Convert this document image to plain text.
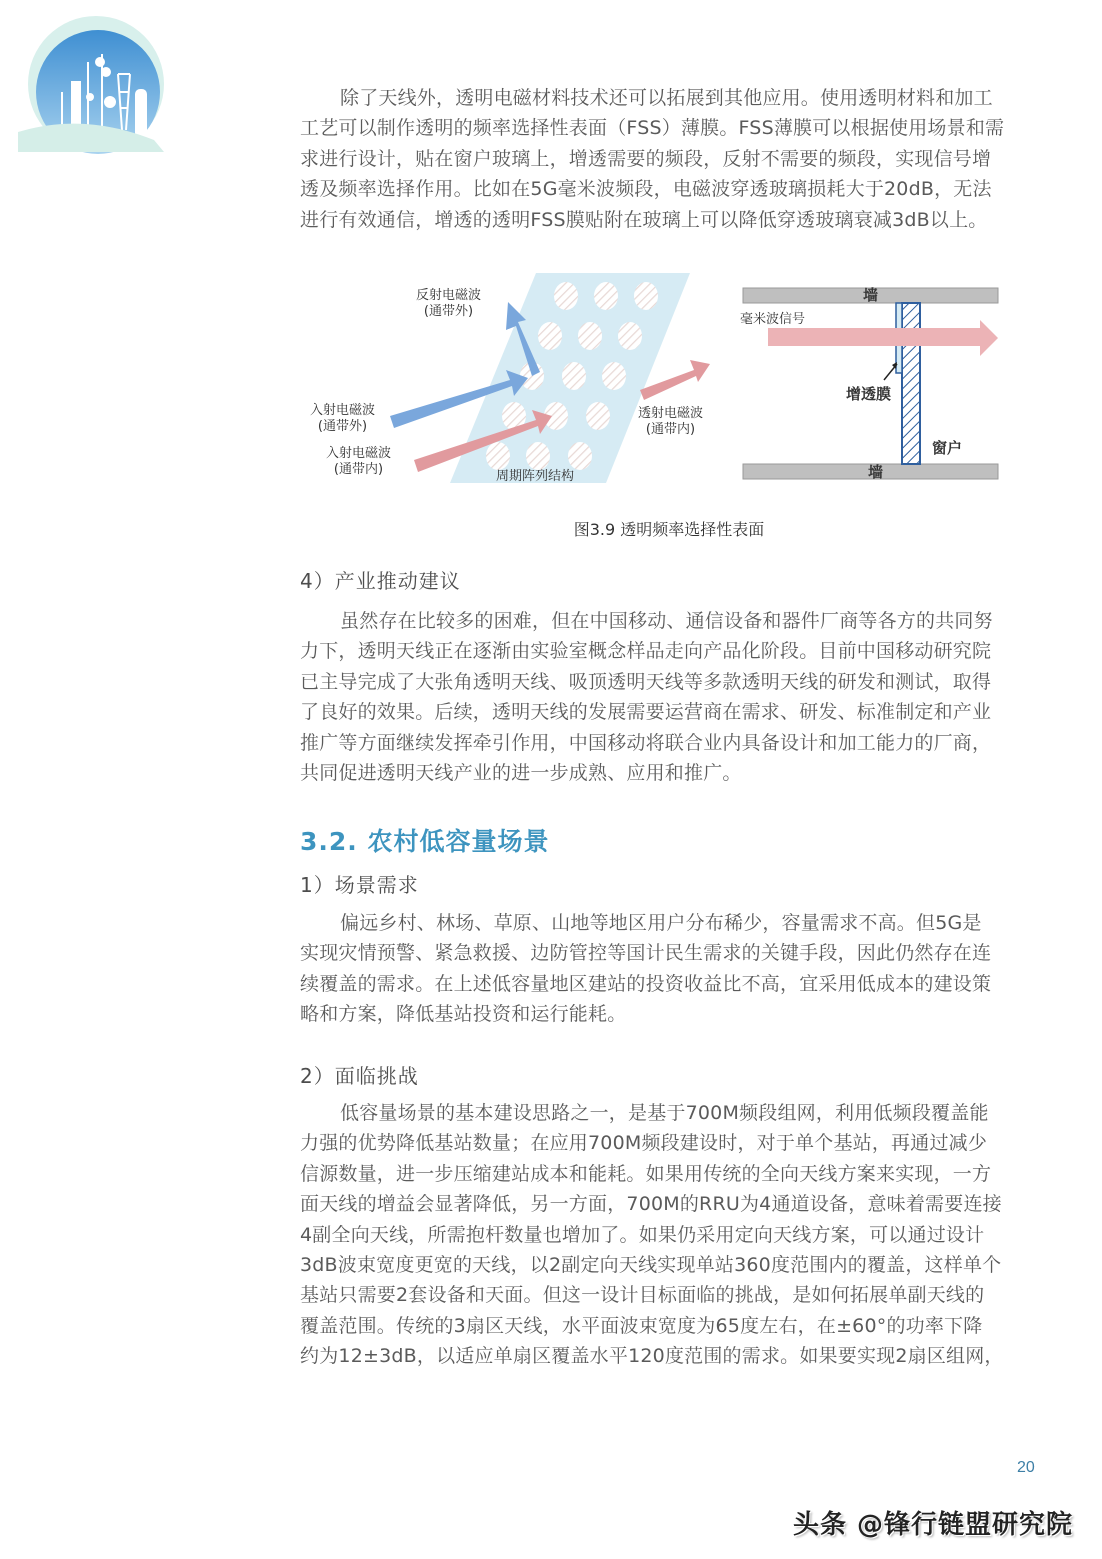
除了天线外，透明电磁材料技术还可以拓展到其他应用。使用透明材料和加工
工艺可以制作透明的频率选择性表面（FSS）薄膜。FSS薄膜可以根据使用场景和需
求进行设计，贴在窗户玻璃上，增透需要的频段，反射不需要的频段，实现信号增
透及频率选择作用。比如在5G毫米波频段，电磁波穿透玻璃损耗大于20dB，无法
进行有效通信，增透的透明FSS膜贴附在玻璃上可以降低穿透玻璃衰减3dB以上。
反射电磁波
(通带外)
入射电磁波
(通带外)
入射电磁波
(通带内)
透射电磁波
(通带内)
周期阵列结构
墙
墙
毫米波信号
增透膜
窗户
图3.9 透明频率选择性表面
4）产业推动建议
虽然存在比较多的困难，但在中国移动、通信设备和器件厂商等各方的共同努
力下，透明天线正在逐渐由实验室概念样品走向产品化阶段。目前中国移动研究院
已主导完成了大张角透明天线、吸顶透明天线等多款透明天线的研发和测试，取得
了良好的效果。后续，透明天线的发展需要运营商在需求、研发、标准制定和产业
推广等方面继续发挥牵引作用，中国移动将联合业内具备设计和加工能力的厂商，
共同促进透明天线产业的进一步成熟、应用和推广。
3.2. 农村低容量场景
1）场景需求
偏远乡村、林场、草原、山地等地区用户分布稀少，容量需求不高。但5G是
实现灾情预警、紧急救援、边防管控等国计民生需求的关键手段，因此仍然存在连
续覆盖的需求。在上述低容量地区建站的投资收益比不高，宜采用低成本的建设策
略和方案，降低基站投资和运行能耗。
2）面临挑战
低容量场景的基本建设思路之一，是基于700M频段组网，利用低频段覆盖能
力强的优势降低基站数量；在应用700M频段建设时，对于单个基站，再通过减少
信源数量，进一步压缩建站成本和能耗。如果用传统的全向天线方案来实现，一方
面天线的增益会显著降低，另一方面，700M的RRU为4通道设备，意味着需要连接
4副全向天线，所需抱杆数量也增加了。如果仍采用定向天线方案，可以通过设计
3dB波束宽度更宽的天线，以2副定向天线实现单站360度范围内的覆盖，这样单个
基站只需要2套设备和天面。但这一设计目标面临的挑战，是如何拓展单副天线的
覆盖范围。传统的3扇区天线，水平面波束宽度为65度左右，在±60°的功率下降
约为12±3dB，以适应单扇区覆盖水平120度范围的需求。如果要实现2扇区组网，
20
头条 @锋行链盟研究院
